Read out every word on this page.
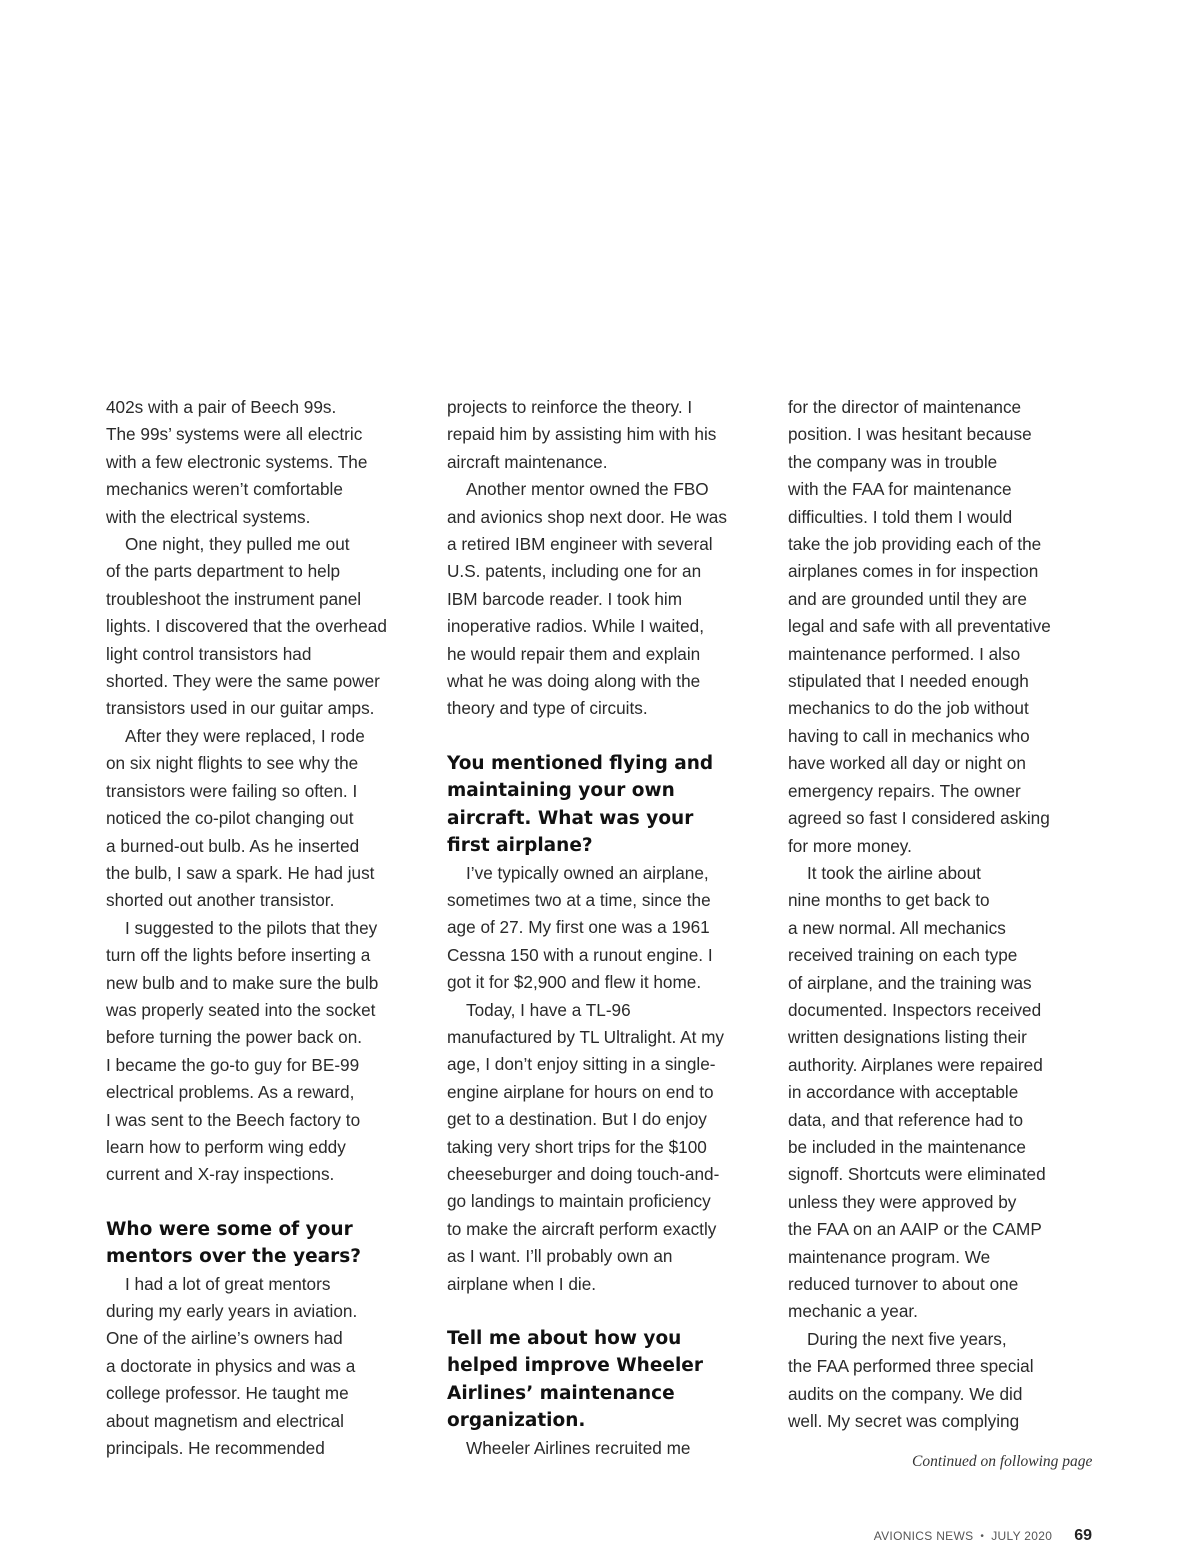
402s with a pair of Beech 99s.
The 99s’ systems were all electric
with a few electronic systems. The
mechanics weren’t comfortable
with the electrical systems.
One night, they pulled me out
of the parts department to help
troubleshoot the instrument panel
lights. I discovered that the overhead
light control transistors had
shorted. They were the same power
transistors used in our guitar amps.
After they were replaced, I rode
on six night flights to see why the
transistors were failing so often. I
noticed the co-pilot changing out
a burned-out bulb. As he inserted
the bulb, I saw a spark. He had just
shorted out another transistor.
I suggested to the pilots that they
turn off the lights before inserting a
new bulb and to make sure the bulb
was properly seated into the socket
before turning the power back on.
I became the go-to guy for BE-99
electrical problems. As a reward,
I was sent to the Beech factory to
learn how to perform wing eddy
current and X-ray inspections.
Who were some of your
mentors over the years?
I had a lot of great mentors
during my early years in aviation.
One of the airline’s owners had
a doctorate in physics and was a
college professor. He taught me
about magnetism and electrical
principals. He recommended
projects to reinforce the theory. I
repaid him by assisting him with his
aircraft maintenance.
Another mentor owned the FBO
and avionics shop next door. He was
a retired IBM engineer with several
U.S. patents, including one for an
IBM barcode reader. I took him
inoperative radios. While I waited,
he would repair them and explain
what he was doing along with the
theory and type of circuits.
You mentioned flying and
maintaining your own
aircraft. What was your
first airplane?
I’ve typically owned an airplane,
sometimes two at a time, since the
age of 27. My first one was a 1961
Cessna 150 with a runout engine. I
got it for $2,900 and flew it home.
Today, I have a TL-96
manufactured by TL Ultralight. At my
age, I don’t enjoy sitting in a single-
engine airplane for hours on end to
get to a destination. But I do enjoy
taking very short trips for the $100
cheeseburger and doing touch-and-
go landings to maintain proficiency
to make the aircraft perform exactly
as I want. I’ll probably own an
airplane when I die.
Tell me about how you
helped improve Wheeler
Airlines’ maintenance
organization.
Wheeler Airlines recruited me
for the director of maintenance
position. I was hesitant because
the company was in trouble
with the FAA for maintenance
difficulties. I told them I would
take the job providing each of the
airplanes comes in for inspection
and are grounded until they are
legal and safe with all preventative
maintenance performed. I also
stipulated that I needed enough
mechanics to do the job without
having to call in mechanics who
have worked all day or night on
emergency repairs. The owner
agreed so fast I considered asking
for more money.
It took the airline about
nine months to get back to
a new normal. All mechanics
received training on each type
of airplane, and the training was
documented. Inspectors received
written designations listing their
authority. Airplanes were repaired
in accordance with acceptable
data, and that reference had to
be included in the maintenance
signoff. Shortcuts were eliminated
unless they were approved by
the FAA on an AAIP or the CAMP
maintenance program. We
reduced turnover to about one
mechanic a year.
During the next five years,
the FAA performed three special
audits on the company. We did
well. My secret was complying
Continued on following page
AVIONICS NEWS • JULY 2020 69
